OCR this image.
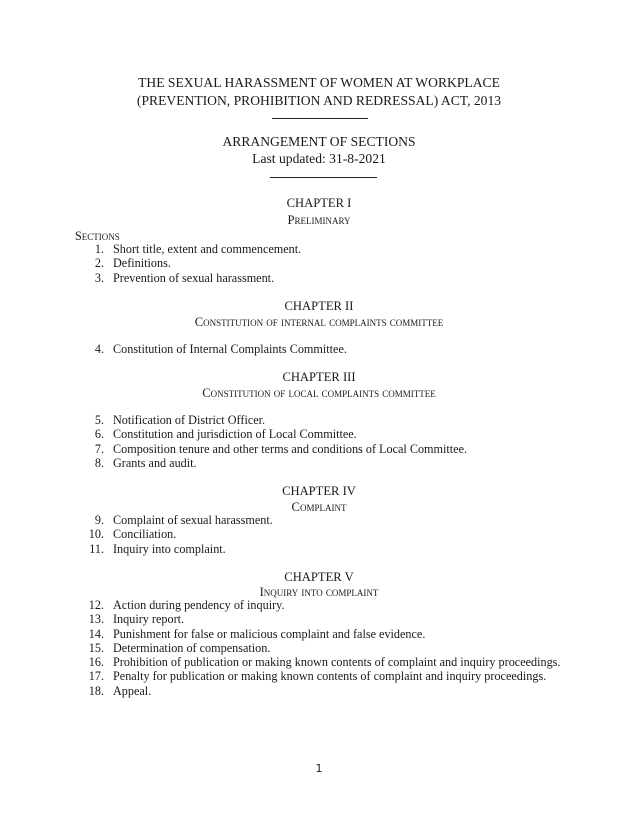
THE SEXUAL HARASSMENT OF WOMEN AT WORKPLACE
(PREVENTION, PROHIBITION AND REDRESSAL) ACT, 2013
ARRANGEMENT OF SECTIONS
Last updated: 31-8-2021
CHAPTER I
Preliminary
Sections
1. Short title, extent and commencement.
2. Definitions.
3. Prevention of sexual harassment.
CHAPTER II
Constitution of internal complaints committee
4. Constitution of Internal Complaints Committee.
CHAPTER III
Constitution of local complaints committee
5. Notification of District Officer.
6. Constitution and jurisdiction of Local Committee.
7. Composition tenure and other terms and conditions of Local Committee.
8. Grants and audit.
CHAPTER IV
Complaint
9. Complaint of sexual harassment.
10. Conciliation.
11. Inquiry into complaint.
CHAPTER V
Inquiry into complaint
12. Action during pendency of inquiry.
13. Inquiry report.
14. Punishment for false or malicious complaint and false evidence.
15. Determination of compensation.
16. Prohibition of publication or making known contents of complaint and inquiry proceedings.
17. Penalty for publication or making known contents of complaint and inquiry proceedings.
18. Appeal.
1
